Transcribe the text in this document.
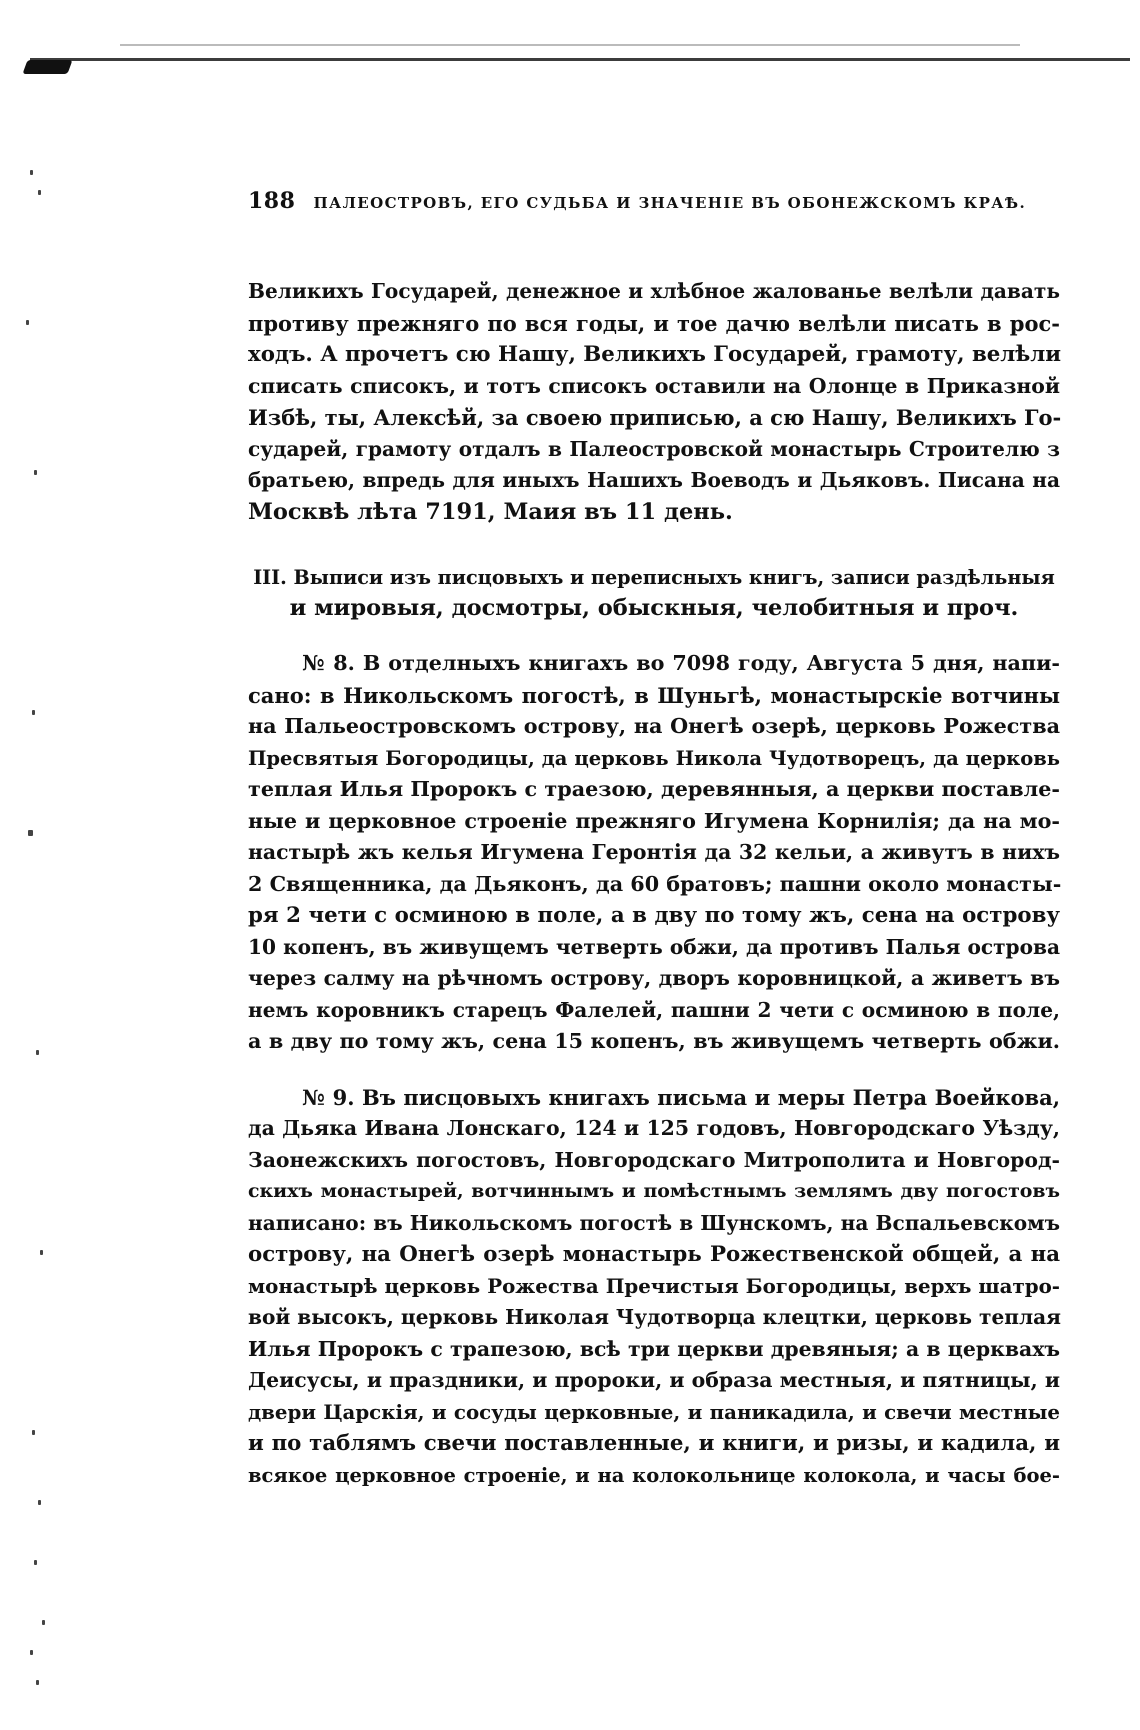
188 ПАЛЕОСТРОВЪ, ЕГО СУДЬБА И ЗНАЧЕНІЕ ВЪ ОБОНЕЖСКОМЪ КРАѢ.
Великихъ Государей, денежное и хлѣбное жалованье велѣли давать
противу прежняго по вся годы, и тое дачю велѣли писать в рос-
ходъ. А прочетъ сю Нашу, Великихъ Государей, грамоту, велѣли
списать списокъ, и тотъ списокъ оставили на Олонце в Приказной
Избѣ, ты, Алексѣй, за своею приписью, а сю Нашу, Великихъ Го-
сударей, грамоту отдалъ в Палеостровской монастырь Строителю з
братьею, впредь для иныхъ Нашихъ Воеводъ и Дьяковъ. Писана на
Москвѣ лѣта 7191, Маия въ 11 день.
III. Выписи изъ писцовыхъ и переписныхъ книгъ, записи раздѣльныя
и мировыя, досмотры, обыскныя, челобитныя и проч.
№ 8. В отделныхъ книгахъ во 7098 году, Августа 5 дня, напи-
сано: в Никольскомъ погостѣ, в Шуньгѣ, монастырскіе вотчины
на Пальеостровскомъ острову, на Онегѣ озерѣ, церковь Рожества
Пресвятыя Богородицы, да церковь Никола Чудотворецъ, да церковь
теплая Илья Пророкъ с траезою, деревянныя, а церкви поставле-
ные и церковное строеніе прежняго Игумена Корнилія; да на мо-
настырѣ жъ келья Игумена Геронтія да 32 кельи, а живутъ в нихъ
2 Священника, да Дьяконъ, да 60 братовъ; пашни около монасты-
ря 2 чети с осминою в поле, а в дву по тому жъ, сена на острову
10 копенъ, въ живущемъ четверть обжи, да противъ Палья острова
через салму на рѣчномъ острову, дворъ коровницкой, а живетъ въ
немъ коровникъ старецъ Фалелей, пашни 2 чети с осминою в поле,
а в дву по тому жъ, сена 15 копенъ, въ живущемъ четверть обжи.
№ 9. Въ писцовыхъ книгахъ письма и меры Петра Воейкова,
да Дьяка Ивана Лонскаго, 124 и 125 годовъ, Новгородскаго Уѣзду,
Заонежскихъ погостовъ, Новгородскаго Митрополита и Новгород-
скихъ монастырей, вотчиннымъ и помѣстнымъ землямъ дву погостовъ
написано: въ Никольскомъ погостѣ в Шунскомъ, на Вспальевскомъ
острову, на Онегѣ озерѣ монастырь Рожественской общей, а на
монастырѣ церковь Рожества Пречистыя Богородицы, верхъ шатро-
вой высокъ, церковь Николая Чудотворца клецтки, церковь теплая
Илья Пророкъ с трапезою, всѣ три церкви древяныя; а в церквахъ
Деисусы, и праздники, и пророки, и образа местныя, и пятницы, и
двери Царскія, и сосуды церковные, и паникадила, и свечи местные
и по таблямъ свечи поставленные, и книги, и ризы, и кадила, и
всякое церковное строеніе, и на колокольнице колокола, и часы бое-
